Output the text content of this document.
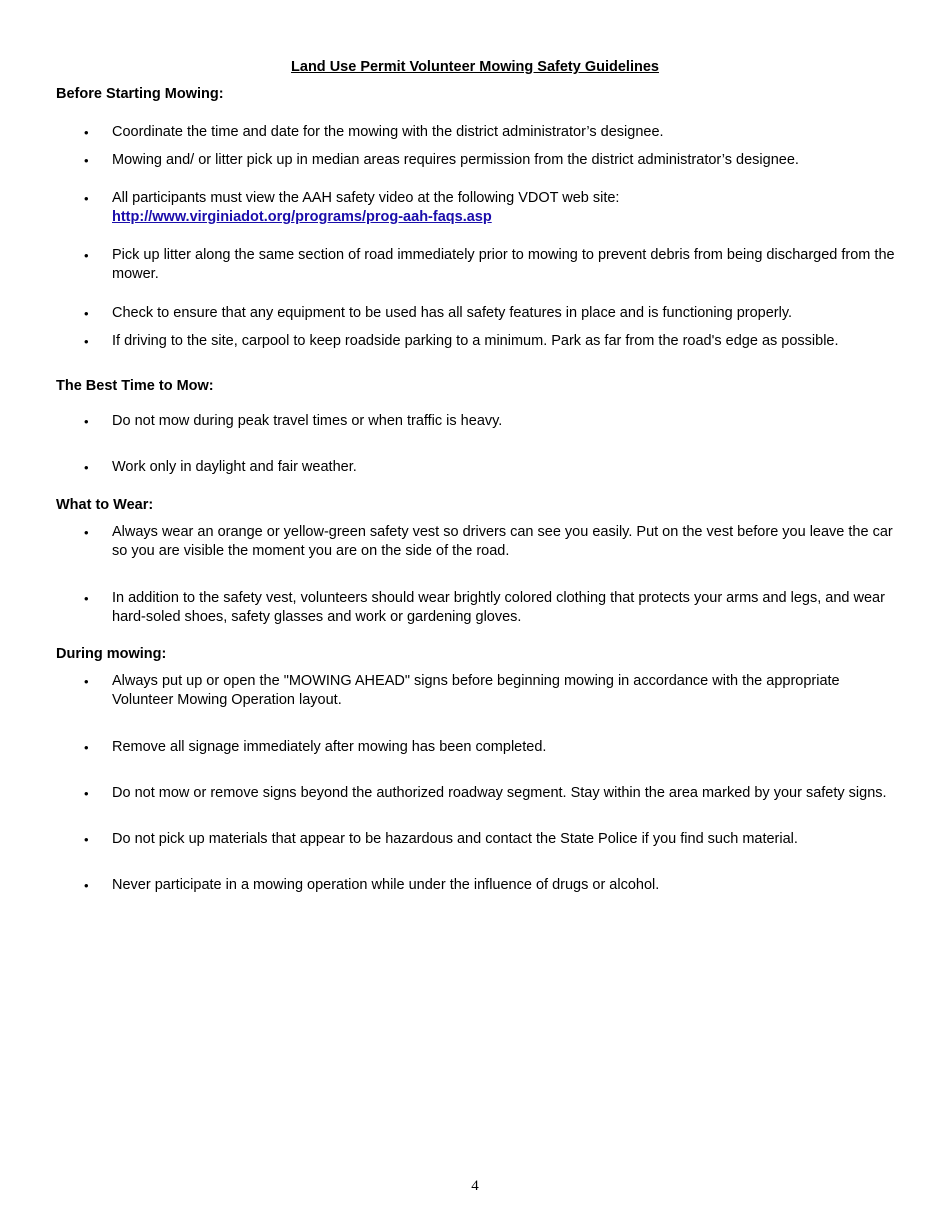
Land Use Permit Volunteer Mowing Safety Guidelines
Before Starting Mowing:
• Coordinate the time and date for the mowing with the district administrator’s designee.

• Mowing and/ or litter pick up in median areas requires permission from the district administrator’s designee.

• All participants must view the AAH safety video at the following VDOT web site:
http://www.virginiadot.org/programs/prog-aah-faqs.asp
• Pick up litter along the same section of road immediately prior to mowing to prevent debris from being discharged from the mower.

• Check to ensure that any equipment to be used has all safety features in place and is functioning properly.

• If driving to the site, carpool to keep roadside parking to a minimum. Park as far from the road's edge as possible.

The Best Time to Mow:
• Do not mow during peak travel times or when traffic is heavy.

• Work only in daylight and fair weather.

What to Wear:
• Always wear an orange or yellow-green safety vest so drivers can see you easily. Put on the vest before you leave the car so you are visible the moment you are on the side of the road.

• In addition to the safety vest, volunteers should wear brightly colored clothing that protects your arms and legs, and wear hard-soled shoes, safety glasses and work or gardening gloves.

During mowing:
• Always put up or open the "MOWING AHEAD" signs before beginning mowing in accordance with the appropriate Volunteer Mowing Operation layout.

• Remove all signage immediately after mowing has been completed.

• Do not mow or remove signs beyond the authorized roadway segment. Stay within the area marked by your safety signs.

• Do not pick up materials that appear to be hazardous and contact the State Police if you find such material.

• Never participate in a mowing operation while under the influence of drugs or alcohol.

4
